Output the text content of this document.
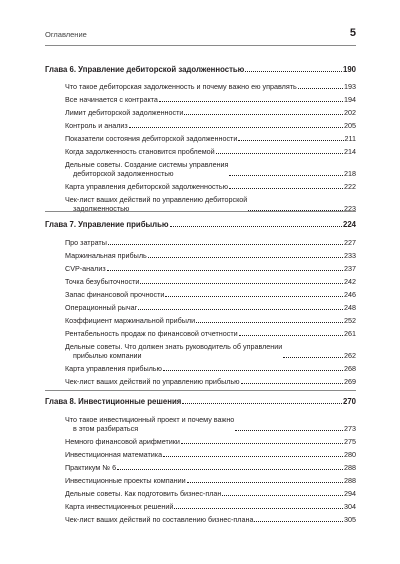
Оглавление	5
Глава 6. Управление дебиторской задолженностью	190
Что такое дебиторская задолженность и почему важно ею управлять	193
Все начинается с контракта	194
Лимит дебиторской задолженности	202
Контроль и анализ	205
Показатели состояния дебиторской задолженности	211
Когда задолженность становится проблемой	214
Дельные советы. Создание системы управления
дебиторской задолженностью	218
Карта управления дебиторской задолженностью	222
Чек-лист ваших действий по управлению дебиторской
задолженностью	223
Глава 7. Управление прибылью	224
Про затраты	227
Маржинальная прибыль	233
CVP-анализ	237
Точка безубыточности	242
Запас финансовой прочности	246
Операционный рычаг	248
Коэффициент маржинальной прибыли	252
Рентабельность продаж по финансовой отчетности	261
Дельные советы. Что должен знать руководитель об управлении
прибылью компании	262
Карта управления прибылью	268
Чек-лист ваших действий по управлению прибылью	269
Глава 8. Инвестиционные решения	270
Что такое инвестиционный проект и почему важно
в этом разбираться	273
Немного финансовой арифметики	275
Инвестиционная математика	280
Практикум № 6	288
Инвестиционные проекты компании	288
Дельные советы. Как подготовить бизнес-план	294
Карта инвестиционных решений	304
Чек-лист ваших действий по составлению бизнес-плана	305
